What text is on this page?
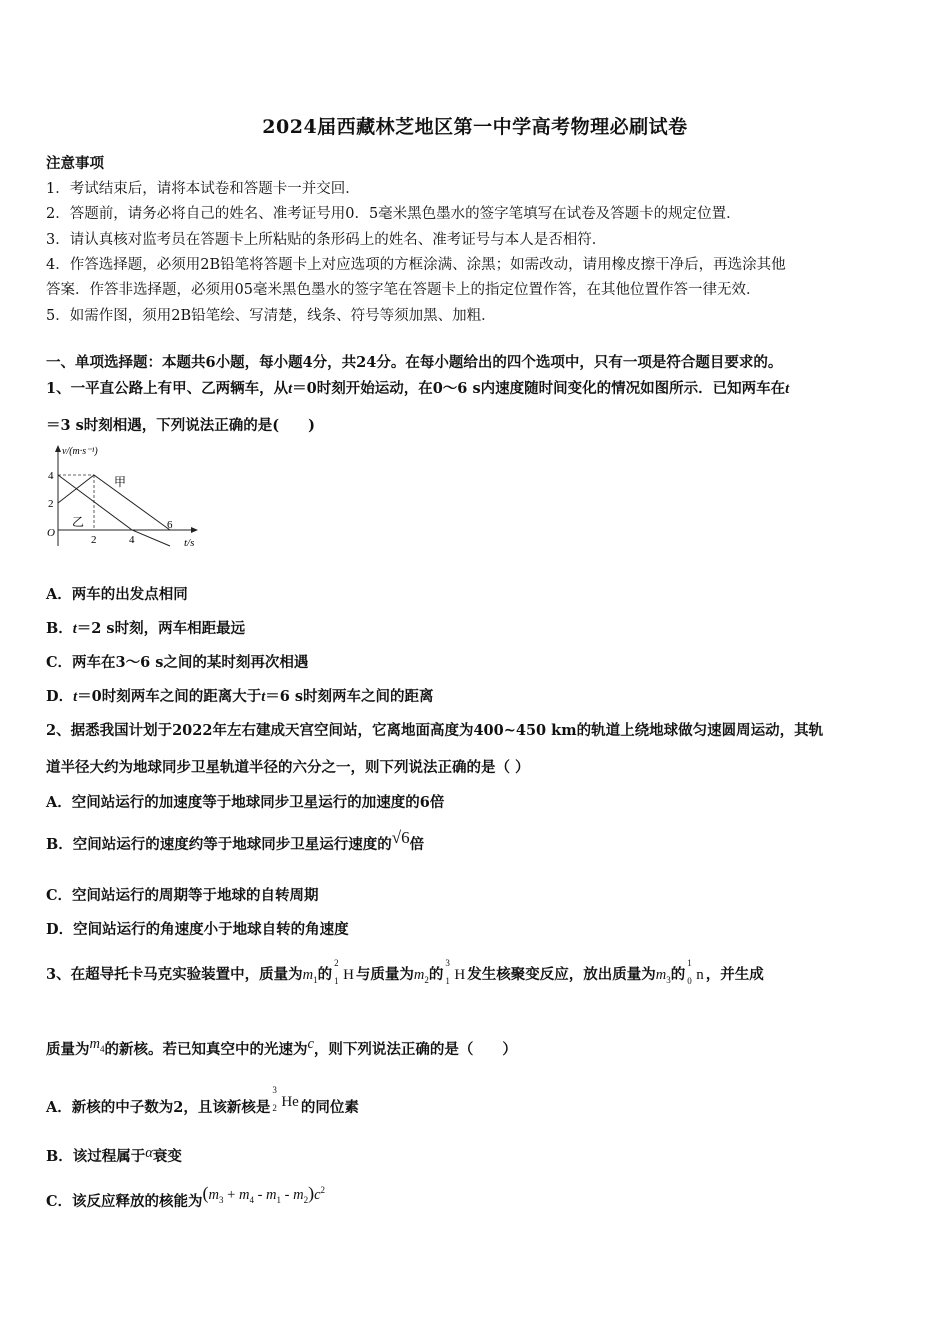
2024届西藏林芝地区第一中学高考物理必刷试卷
注意事项
1．考试结束后，请将本试卷和答题卡一并交回．
2．答题前，请务必将自己的姓名、准考证号用0．5毫米黑色墨水的签字笔填写在试卷及答题卡的规定位置．
3．请认真核对监考员在答题卡上所粘贴的条形码上的姓名、准考证号与本人是否相符．
4．作答选择题，必须用2B铅笔将答题卡上对应选项的方框涂满、涂黑；如需改动，请用橡皮擦干净后，再选涂其他
答案．作答非选择题，必须用05毫米黑色墨水的签字笔在答题卡上的指定位置作答，在其他位置作答一律无效．
5．如需作图，须用2B铅笔绘、写清楚，线条、符号等须加黑、加粗．
一、单项选择题：本题共6小题，每小题4分，共24分。在每小题给出的四个选项中，只有一项是符合题目要求的。
1、一平直公路上有甲、乙两辆车，从t＝0时刻开始运动，在0～6 s内速度随时间变化的情况如图所示．已知两车在t
＝3 s时刻相遇，下列说法正确的是(　　)
v/(m·s⁻¹)
4
2
O
2	4
6
t/s
甲
乙
A．两车的出发点相同
B．t＝2 s时刻，两车相距最远
C．两车在3～6 s之间的某时刻再次相遇
D．t＝0时刻两车之间的距离大于t＝6 s时刻两车之间的距离
2、据悉我国计划于2022年左右建成天宫空间站，它离地面高度为400~450 km的轨道上绕地球做匀速圆周运动，其轨
道半径大约为地球同步卫星轨道半径的六分之一，则下列说法正确的是（ ）
A．空间站运行的加速度等于地球同步卫星运行的加速度的6倍
B．空间站运行的速度约等于地球同步卫星运行速度的√6倍
C．空间站运行的周期等于地球的自转周期
D．空间站运行的角速度小于地球自转的角速度
3、在超导托卡马克实验装置中，质量为$m_1$的
2
1 H 与质量为$m_2$的
3
1 H 发生核聚变反应，放出质量为$m_3$的
1
0 n ，并生成
质量为$m_4$的新核。若已知真空中的光速为c，则下列说法正确的是（　　）
A．新核的中子数为2，且该新核是
3
2 He 的同位素
B．该过程属于α衰变
C．该反应释放的核能为$(m_3 + m_4 - m_1 - m_2)c^2$
